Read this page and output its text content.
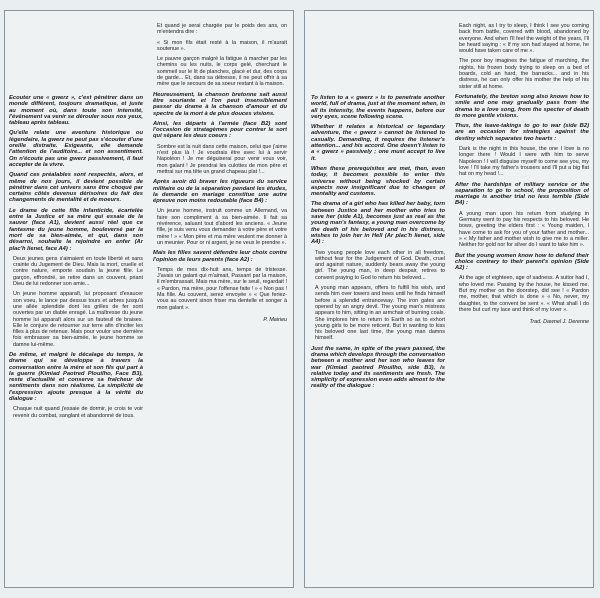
Ecouter une « gwerz », c'est pénétrer dans un monde différent, toujours dramatique, et juste au moment où, dans toute son intensité, l'évènement va venir se dérouler sous nos yeux, tableau après tableau.
Qu'elle relate une aventure historique ou légendaire, la gwerz ne peut pas s'écouter d'une oreille distraite. Exigeante, elle demande l'attention de l'auditoire... et son assentiment. On n'écoute pas une gwerz passivement, il faut accepter de la vivre.
Quand ces préalables sont respectés, alors, et même de nos jours, il devient possible de pénétrer dans cet univers sans être choqué par certains côtés devenus dérisoires du fait des changements de mentalité et de moeurs.
Le drame de cette fille infanticide, écartelée entre la Justice et sa mère qui essaie de la sauver (face A1), devient aussi réel que ce fantasme du jeune homme, bouleversé par la mort de sa bien-aimée, et qui, dans son désarroi, souhaite la rejoindre en enfer (Ar plac'h lienet, face A4) :
Deux jeunes gens s'aimaient en toute liberté et sans crainte du Jugement de Dieu. Mais la mort, cruelle et contre nature, emporte soudain la jeune fille. Le garçon, effrondré, se retire dans un couvent, priant Dieu de lui redonner son amie...
Un jeune homme apparaît, lui proposant d'exaucer son voeu, le lance par dessus tours et arbres jusqu'à une allée splendide dont les grilles de fer sont ouvertes par un diable enragé. La maîtresse du jeune homme lui apparaît alors sur un fauteuil de braises. Elle le conjure de retourner sur terre afin d'inciter les filles à plus de retenue. Mais pour voulor une dernière fois embrasser sa bien-aimée, le jeune homme se damne lui-même.
De même, et malgré le décalage du temps, le drame qui se développe à travers la conversation entre la mère et son fils qui part à la guerre (Kimiad Paotred Plouilho, Face B3), reste d'actualité et conserve sa fraîcheur de sentiments dans son réalisme. La simplicité de l'expression ajoute presque à la vérité du dialogue :
Chaque nuit quand j'essaie de dormir, je crois te voir revenir du combat, sanglant et abandonné de tous.
Et quand je serai chargée par le poids des ans, on m'entendra dire :
« Si mon fils était resté à la maison, il m'aurait soutenue ».
Le pauvre garçon malgré la fatigue à marcher par les chemins ou les nuits, le corps gelé, cherchant le sommeil sur le lit de planches, glacé et dur, des corps de garde... Et, dans sa détresse, il ne peut offrir à sa mère que le secours de sa soeur restant à la maison.
Heureusement, la chanson bretonne sait aussi être souriante et l'on peut insensiblement passer du drame à la chanson d'amour et du spectre de la mort à de plus douces visions.
Ainsi, les départs à l'armée (face B2) sont l'occasion de stratagèmes pour contrer le sort qui sépare les deux coeurs :
Sombre est la nuit dans cette maison, celui que j'aime n'est plus là ! Je voudrais être avec lui à servir Napoléon ! Je me déguiserai pour venir vous voir, mon galant ! Je prendrai les culottes de mon père et mettrai sur ma tête un grand chapeau plat !...
Après avoir dû braver les rigueurs du service militaire ou de la séparation pendant les études, la demande en mariage constitue une autre épreuve non moins redoutable (face B4) :
Un jeune homme, instruit comme un Allemand, va faire son compliment à sa bien-aimée. Il fait sa révérence, saluant tout d'abord les anciens. « Jeune fille, je suis venu vous demander à votre père et votre mère ! » « Mon père et ma mère veulent me donner à un meunier. Pour or ni argent, je ne veux le prendre ».
Mais les filles savent défendre leur choix contre l'opinion de leurs parents (face A2) :
Temps de mes dix-huit ans, temps de tristesse. J'avais un galant qui m'aimait, Passant par la maison, il m'embrassait. Mais ma mère, sur le seuil, regardait ! « Pardon, ma mère, pour l'offense faite ! » « Non pas ! Ma fille. Au couvent, serez envoyée » « Que feriez-vous au couvent sinon friser ma dentelle et songer à mon galant ».
P. Mairieu
To listen to a « gwerz » is to penetrate another world, full of drama, just at the moment when, in all its intensity, the events happens, before our very eyes, scene following scene.
Whether it relates a historical or legendary adventure, the « gwerz » cannot be listened to casually. Demanding, it requires the listener's attention... and his accord. One doesn't listen to a « gwerz » passively ; one must accept to live it.
When these prerequisites are met, then, even today, it becomes possible to enter this universe without being shocked by certain aspects now insignificant due to changes of mentality and customs.
The drama of a girl who has killed her baby, torn between Justice and her mother who tries to save her (side A1), becomes just as real as the young man's fantasy, a young man overcome by the death of his beloved and in his distress, wishes to join her in Hell (Ar plac'h lienet, side A4) :
Two young people love each other in all freedom, without fear for the Judgement of God. Death, cruel and against nature, suddenly bears away the young girl. The young man, in deep despair, retires to convent praying to God to return his beloved...
A young man appears, offers to fulfill his wish, and sends him over towers and trees until he finds himself before a splendid entranceway. The iron gates are opened by an angry devil. The young man's mistress appears to him, sitting in an armchair of burning coals. She implores him to return to Earth so as to exhort young girls to be more reticent. But in wanting to kiss his beloved one last time, the young man damns himself.
Just the same, in spite of the years passed, the drama which develops through the conversation between a mother and her son who leaves for war (Kimiad paotred Plouilho, side B3), is relative today and its sentiments are fresh. The simplicity of expression even adds almost to the reality of the dialogue :
Each night, as I try to sleep, I think I see you coming back from battle, covered with blood, abandoned by everyone. And when I'll feel the weight of the years, I'll be heard saying : « If my son had stayed at home, he would have taken care of me ».
The poor boy imagines the fatigue of marching, the nights, his frozen body trying to sleep on a bed of boards, cold an hard, the barracks... and in his distress, he can only offer his mother the help of his sister still at home.
Fortunately, the breton song also knows how to smile and one may gradually pass from the drama to a love song, from the specter of death to more gentle visions.
Thus, the leave-takings to go to war (side B2) are an occasion for strategies against the destiny which separates two hearts :
Dark is the night in this house, the one I love is no longer there ! Would I were with him to serve Napoleon ! I will disguise myself to come see you, my love ! I'll take my father's trousers and I'll put a big flat hat on my head !...
After the hardships of military service or the separation to go to school, the proposition of marriage is another trial no less terrible (Side B4) :
A young man upon his return from studying in Germany went to pay his respects to his beloved. He bows, greeting the elders first : « Young maiden, I have come to ask for you of your father and mother... » « My father and mother wish to give me to a miller. Neither for gold nor for silver do I want to take him ».
But the young women know how to defend their choice contrary to their parent's opinion (Side A2) :
At the age of eighteen, age of sadness. A suitor had I, who loved me. Passing by the house, he kissed me. But my mother on the doorstep, did see ! « Pardon me, mother, that which is done » « No, never, my daughter, to the convent be sent ». « What shall I do there but curl my lace and think of my lover ».
Trad. Dawnel J. Derenne
